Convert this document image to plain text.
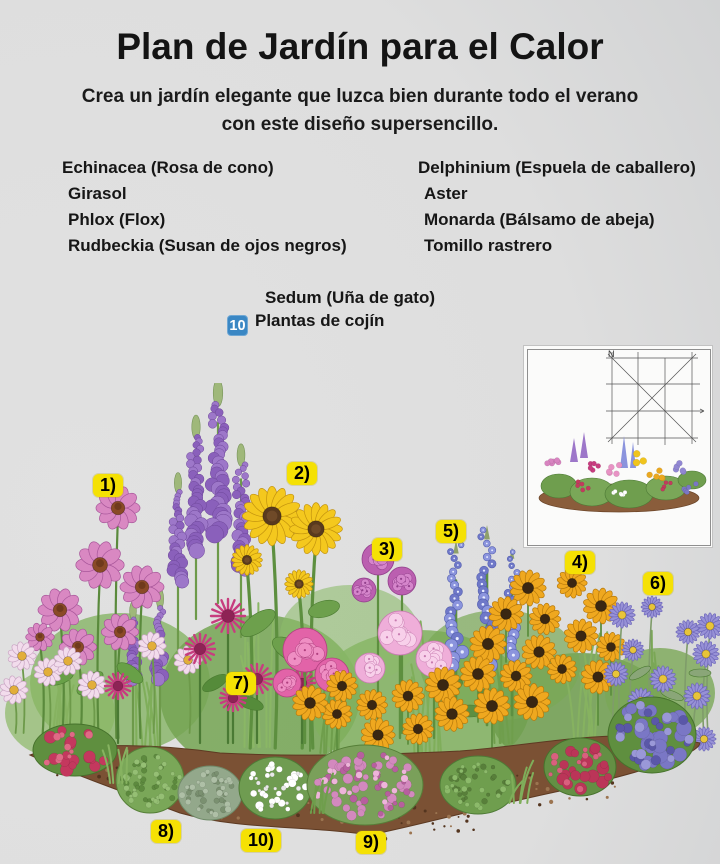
Plan de Jardín para el Calor

Crea un jardín elegante que luzca bien durante todo el verano con este diseño supersencillo.

Echinacea (Rosa de cono)
Girasol
Phlox (Flox)
Rudbeckia (Susan de ojos negros)
Delphinium (Espuela de caballero)
Aster
Monarda (Bálsamo de abeja)
Tomillo rastrero
Sedum (Uña de gato)
10 Plantas de cojín
N
1)
2)
3)
4)
5)
6)
7)
8)
9)
10)
